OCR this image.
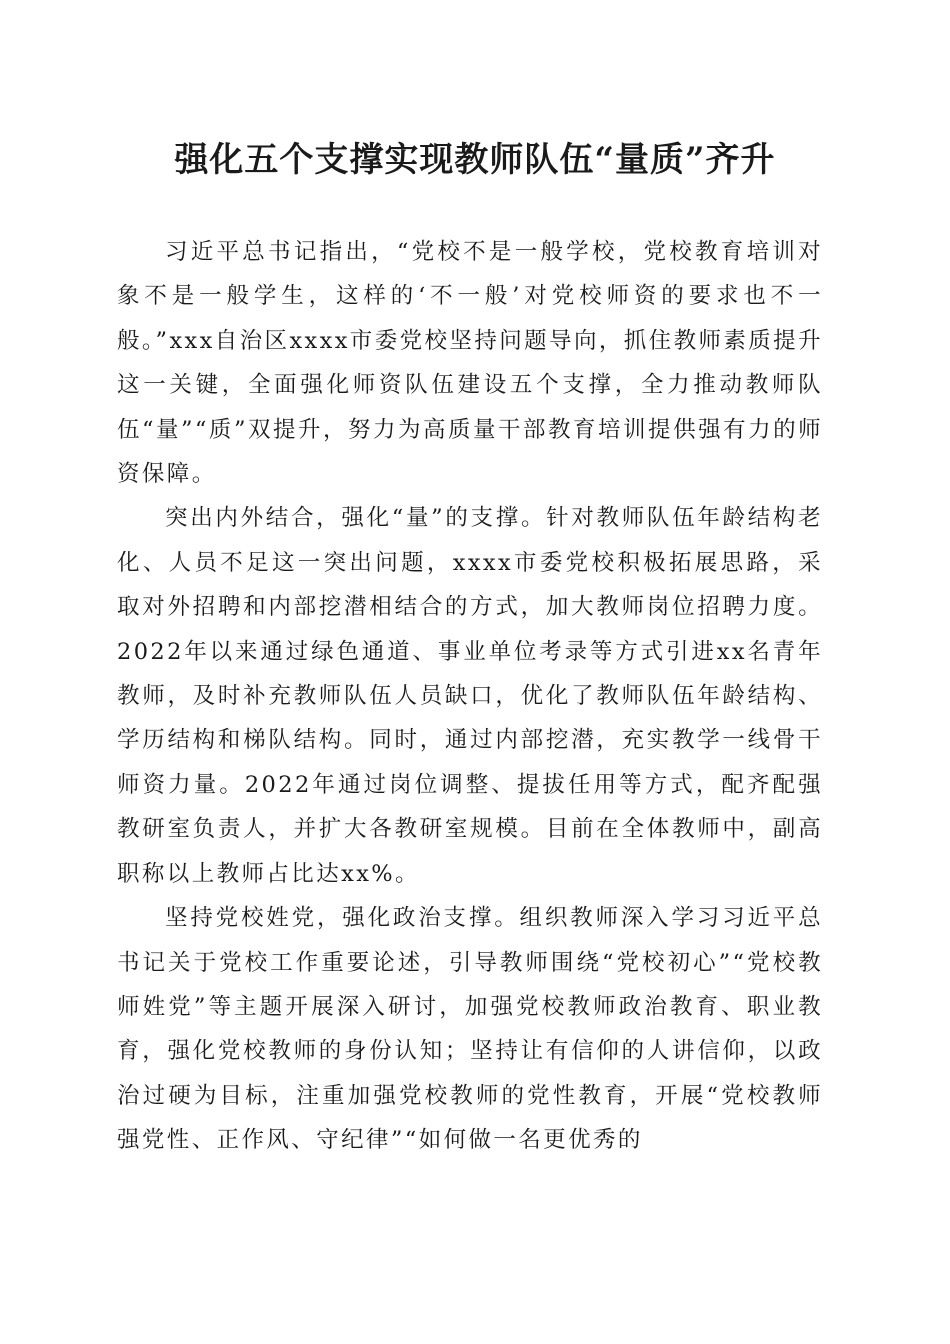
强化五个支撑实现教师队伍“量质”齐升

习近平总书记指出，“党校不是一般学校，党校教育培训对象不是一般学生，这样的‘不一般’对党校师资的要求也不一般。”xxx自治区xxxx市委党校坚持问题导向，抓住教师素质提升这一关键，全面强化师资队伍建设五个支撑，全力推动教师队伍“量”“质”双提升，努力为高质量干部教育培训提供强有力的师资保障。

突出内外结合，强化“量”的支撑。针对教师队伍年龄结构老化、人员不足这一突出问题，xxxx市委党校积极拓展思路，采取对外招聘和内部挖潜相结合的方式，加大教师岗位招聘力度。2022年以来通过绿色通道、事业单位考录等方式引进xx名青年教师，及时补充教师队伍人员缺口，优化了教师队伍年龄结构、学历结构和梯队结构。同时，通过内部挖潜，充实教学一线骨干师资力量。2022年通过岗位调整、提拔任用等方式，配齐配强教研室负责人，并扩大各教研室规模。目前在全体教师中，副高职称以上教师占比达xx%。

坚持党校姓党，强化政治支撑。组织教师深入学习习近平总书记关于党校工作重要论述，引导教师围绕“党校初心”“党校教师姓党”等主题开展深入研讨，加强党校教师政治教育、职业教育，强化党校教师的身份认知；坚持让有信仰的人讲信仰，以政治过硬为目标，注重加强党校教师的党性教育，开展“党校教师强党性、正作风、守纪律”“如何做一名更优秀的
